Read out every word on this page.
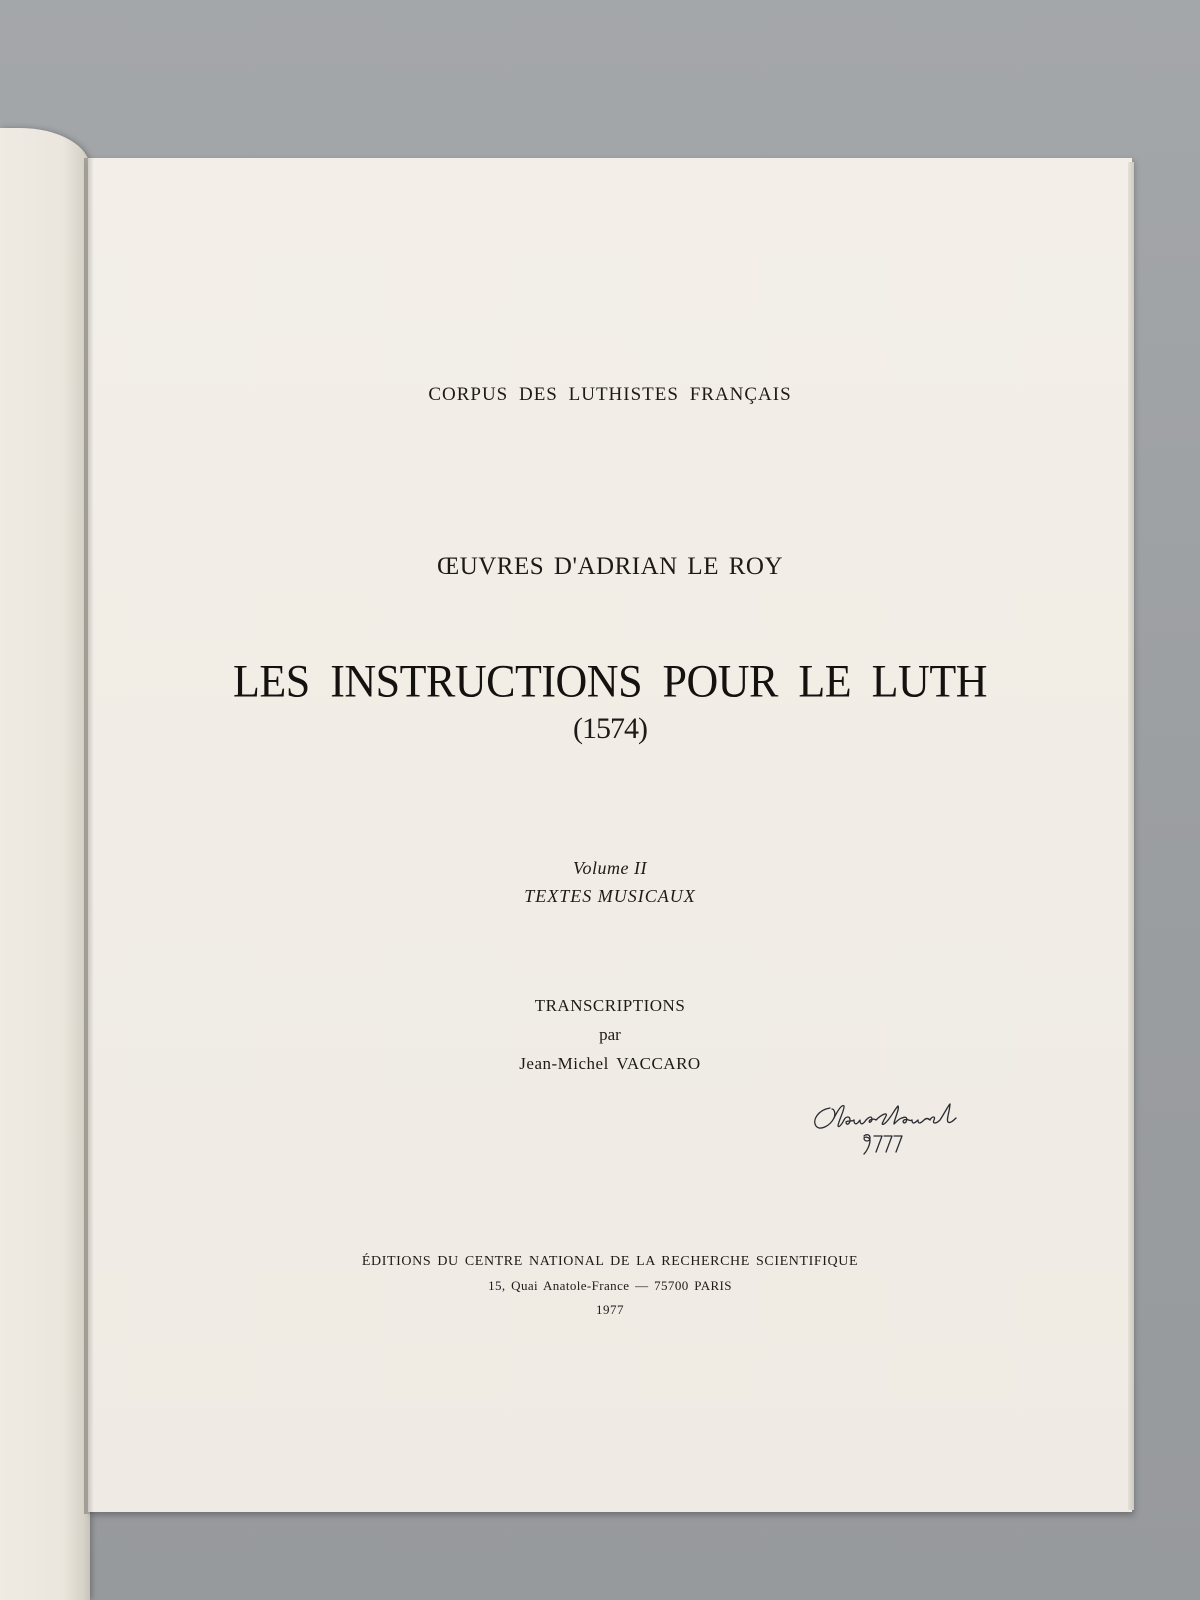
CORPUS DES LUTHISTES FRANÇAIS
ŒUVRES D'ADRIAN LE ROY
LES INSTRUCTIONS POUR LE LUTH
(1574)
Volume II
TEXTES MUSICAUX
TRANSCRIPTIONS
par
Jean-Michel VACCARO
ÉDITIONS DU CENTRE NATIONAL DE LA RECHERCHE SCIENTIFIQUE
15, Quai Anatole-France — 75700 PARIS
1977
